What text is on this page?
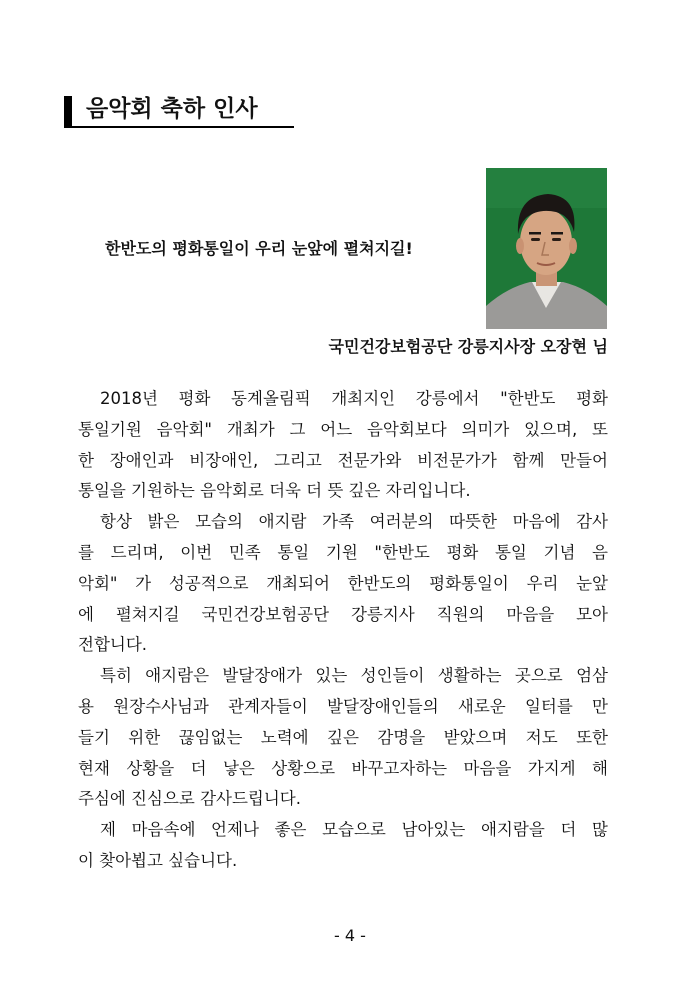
음악회 축하 인사
한반도의 평화통일이 우리 눈앞에 펼쳐지길!
국민건강보험공단 강릉지사장 오장현 님
2018년 평화 동계올림픽 개최지인 강릉에서 "한반도 평화
통일기원 음악회" 개최가 그 어느 음악회보다 의미가 있으며, 또
한 장애인과 비장애인, 그리고 전문가와 비전문가가 함께 만들어
통일을 기원하는 음악회로 더욱 더 뜻 깊은 자리입니다.
항상 밝은 모습의 애지람 가족 여러분의 따뜻한 마음에 감사
를 드리며, 이번 민족 통일 기원 "한반도 평화 통일 기념 음
악회" 가 성공적으로 개최되어 한반도의 평화통일이 우리 눈앞
에 펼쳐지길 국민건강보험공단 강릉지사 직원의 마음을 모아
전합니다.
특히 애지람은 발달장애가 있는 성인들이 생활하는 곳으로 엄삼
용 원장수사님과 관계자들이 발달장애인들의 새로운 일터를 만
들기 위한 끊임없는 노력에 깊은 감명을 받았으며 저도 또한
현재 상황을 더 낳은 상황으로 바꾸고자하는 마음을 가지게 해
주심에 진심으로 감사드립니다.
제 마음속에 언제나 좋은 모습으로 남아있는 애지람을 더 많
이 찾아뵙고 싶습니다.
- 4 -
